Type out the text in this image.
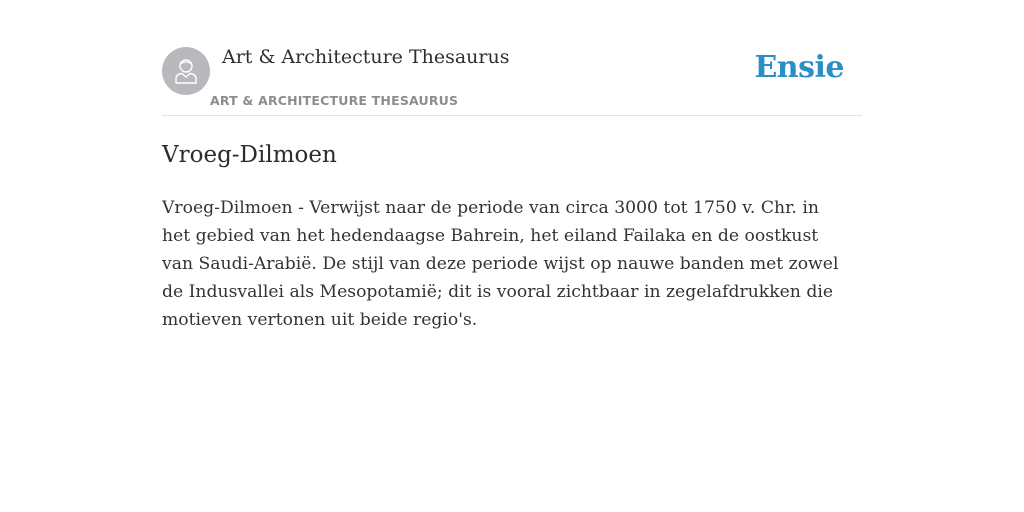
Art & Architecture Thesaurus
ART & ARCHITECTURE THESAURUS
Ensie
Vroeg-Dilmoen

Vroeg-Dilmoen - Verwijst naar de periode van circa 3000 tot 1750 v. Chr. in het gebied van het hedendaagse Bahrein, het eiland Failaka en de oostkust van Saudi-Arabië. De stijl van deze periode wijst op nauwe banden met zowel de Indusvallei als Mesopotamië; dit is vooral zichtbaar in zegelafdrukken die motieven vertonen uit beide regio's.
